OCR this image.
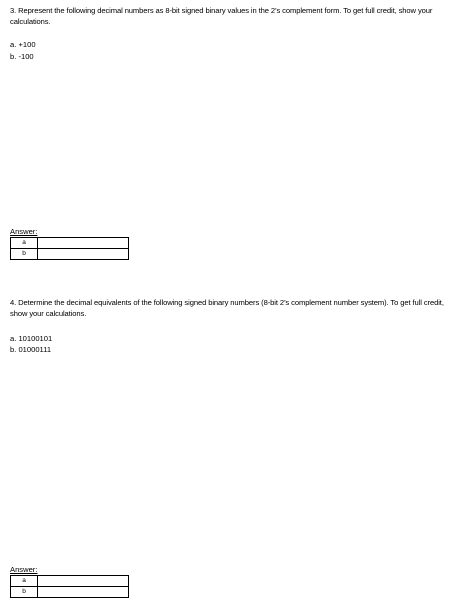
3. Represent the following decimal numbers as 8-bit signed binary values in the 2’s complement form. To get full credit, show your calculations.
a. +100
b. -100
Answer:
a	
b	
4. Determine the decimal equivalents of the following signed binary numbers (8-bit 2’s complement number system). To get full credit, show your calculations.
a. 10100101
b. 01000111
Answer:
a	
b	
